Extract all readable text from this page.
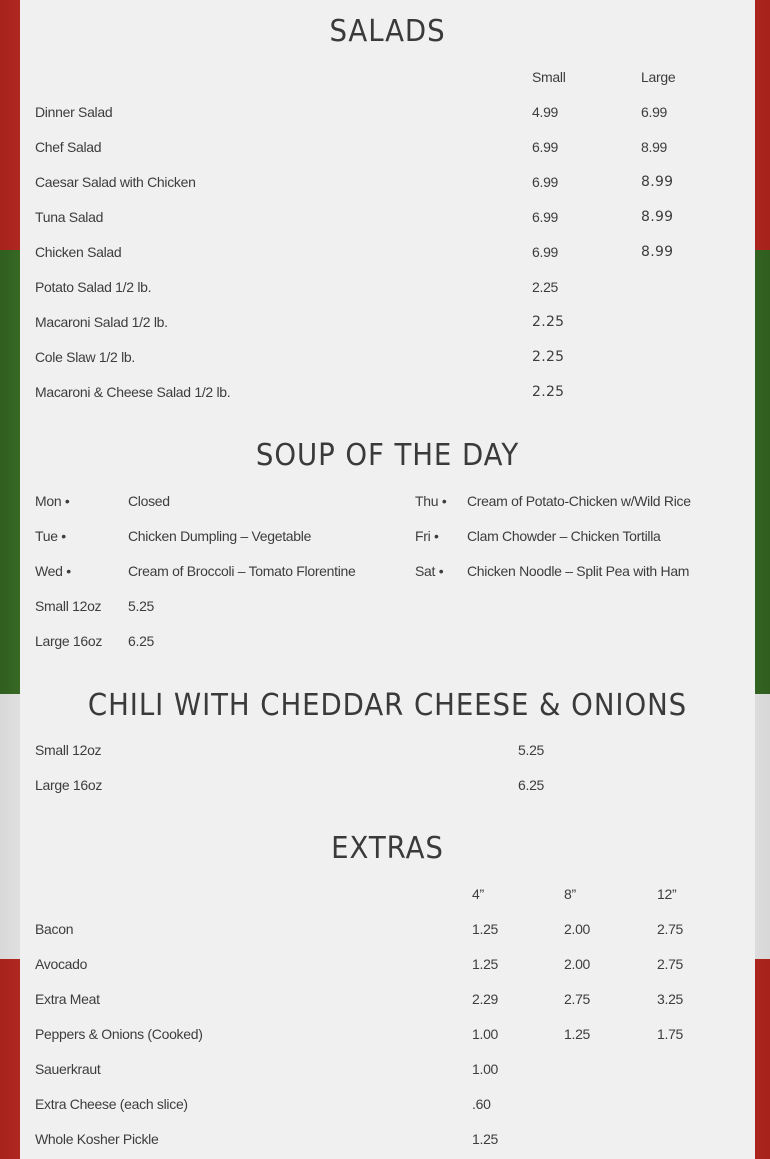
SALADS
Small	Large
Dinner Salad	4.99	6.99
Chef Salad	6.99	8.99
Caesar Salad with Chicken	6.99	8.99
Tuna Salad	6.99	8.99
Chicken Salad	6.99	8.99
Potato Salad 1/2 lb.	2.25
Macaroni Salad 1/2 lb.	2.25
Cole Slaw 1/2 lb.	2.25
Macaroni & Cheese Salad 1/2 lb.	2.25
SOUP OF THE DAY
Mon •	Closed	Thu • Cream of Potato-Chicken w/Wild Rice
Tue •	Chicken Dumpling – Vegetable	Fri • Clam Chowder – Chicken Tortilla
Wed •	Cream of Broccoli – Tomato Florentine	Sat • Chicken Noodle – Split Pea with Ham
Small 12oz 5.25
Large 16oz 6.25
CHILI WITH CHEDDAR CHEESE & ONIONS
Small 12oz	5.25
Large 16oz	6.25
EXTRAS
4”	8”	12”
Bacon	1.25	2.00	2.75
Avocado	1.25	2.00	2.75
Extra Meat	2.29	2.75	3.25
Peppers & Onions (Cooked)	1.00	1.25	1.75
Sauerkraut	1.00
Extra Cheese (each slice)	.60
Whole Kosher Pickle	1.25
